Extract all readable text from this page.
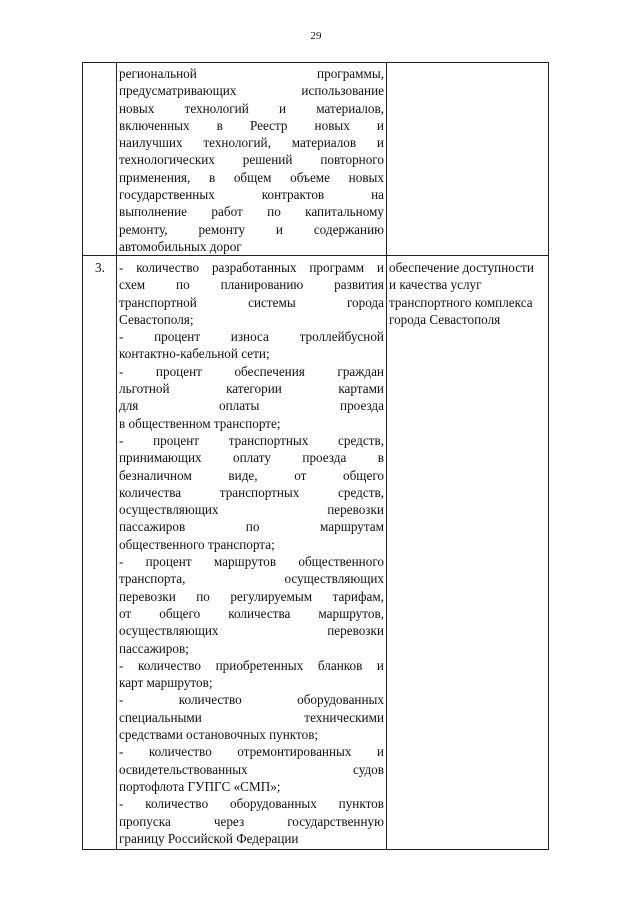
29
региональной программы,
предусматривающих использование
новых технологий и материалов,
включенных в Реестр новых и
наилучших технологий, материалов и
технологических решений повторного
применения, в общем объеме новых
государственных контрактов на
выполнение работ по капитальному
ремонту, ремонту и содержанию
автомобильных дорог
3. - количество разработанных программ и
схем по планированию развития
транспортной системы города
Севастополя;
- процент износа троллейбусной
контактно-кабельной сети;
- процент обеспечения граждан
льготной категории картами
для оплаты проезда
в общественном транспорте;
- процент транспортных средств,
принимающих оплату проезда в
безналичном виде, от общего
количества транспортных средств,
осуществляющих перевозки
пассажиров по маршрутам
общественного транспорта;
- процент маршрутов общественного
транспорта, осуществляющих
перевозки по регулируемым тарифам,
от общего количества маршрутов,
осуществляющих перевозки
пассажиров;
- количество приобретенных бланков и
карт маршрутов;
- количество оборудованных
специальными техническими
средствами остановочных пунктов;
- количество отремонтированных и
освидетельствованных судов
портофлота ГУПГС «СМП»;
- количество оборудованных пунктов
пропуска через государственную
границу Российской Федерации
обеспечение доступности
и качества услуг
транспортного комплекса
города Севастополя
